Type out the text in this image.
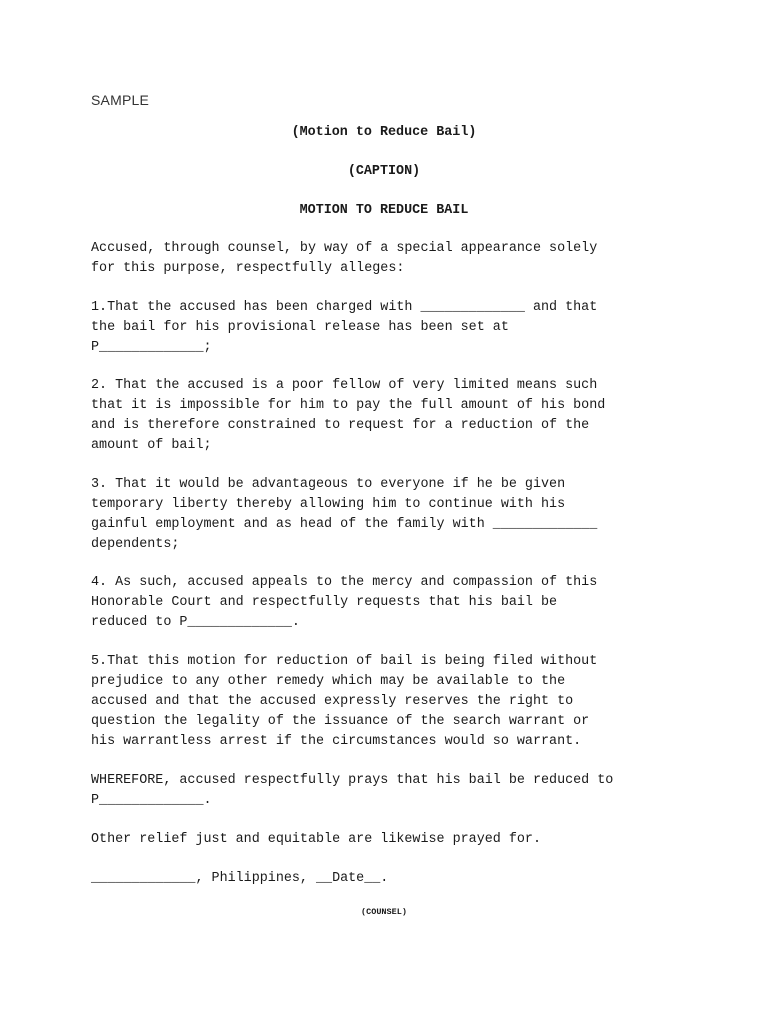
SAMPLE
(Motion to Reduce Bail)
(CAPTION)
MOTION TO REDUCE BAIL
Accused, through counsel, by way of a special appearance solely
for this purpose, respectfully alleges:
1.That the accused has been charged with _____________ and that
the bail for his provisional release has been set at
P_____________;
2. That the accused is a poor fellow of very limited means such
that it is impossible for him to pay the full amount of his bond
and is therefore constrained to request for a reduction of the
amount of bail;
3. That it would be advantageous to everyone if he be given
temporary liberty thereby allowing him to continue with his
gainful employment and as head of the family with _____________
dependents;
4. As such, accused appeals to the mercy and compassion of this
Honorable Court and respectfully requests that his bail be
reduced to P_____________.
5.That this motion for reduction of bail is being filed without
prejudice to any other remedy which may be available to the
accused and that the accused expressly reserves the right to
question the legality of the issuance of the search warrant or
his warrantless arrest if the circumstances would so warrant.
WHEREFORE, accused respectfully prays that his bail be reduced to
P_____________.
Other relief just and equitable are likewise prayed for.
_____________, Philippines, __Date__.
(COUNSEL)
